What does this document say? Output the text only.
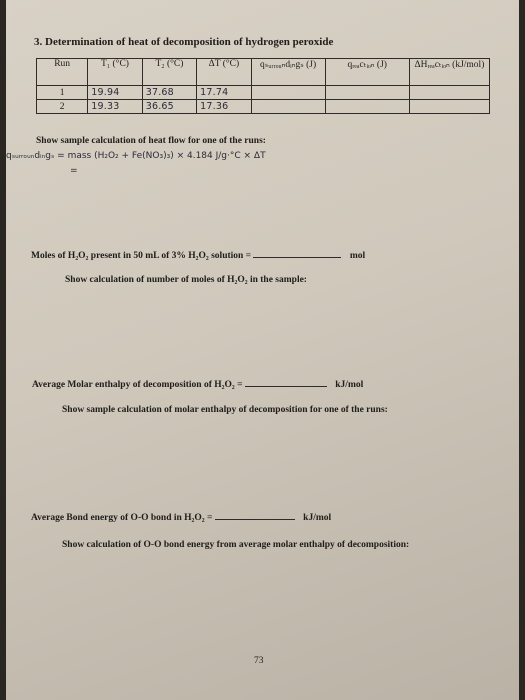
3. Determination of heat of decomposition of hydrogen peroxide
Run	T₁ (°C)	T₂ (°C)	ΔT (°C)	qₛᵤᵣᵣₒᵤₙdᵢₙgₛ (J)	qᵣₑₐcₜᵢₒₙ (J)	ΔHᵣₑₐcₜᵢₒₙ (kJ/mol)
1	19.94	37.68	17.74			
2	19.33	36.65	17.36			
Show sample calculation of heat flow for one of the runs:
qₛᵤᵣᵣₒᵤₙdᵢₙgₛ = mass (H₂O₂ + Fe(NO₃)₃) × 4.184 J/g·°C × ΔT
=
Moles of H₂O₂ present in 50 mL of 3% H₂O₂ solution =	mol
Show calculation of number of moles of H₂O₂ in the sample:
Average Molar enthalpy of decomposition of H₂O₂ =	kJ/mol
Show sample calculation of molar enthalpy of decomposition for one of the runs:
Average Bond energy of O-O bond in H₂O₂ =	kJ/mol
Show calculation of O-O bond energy from average molar enthalpy of decomposition:
73
